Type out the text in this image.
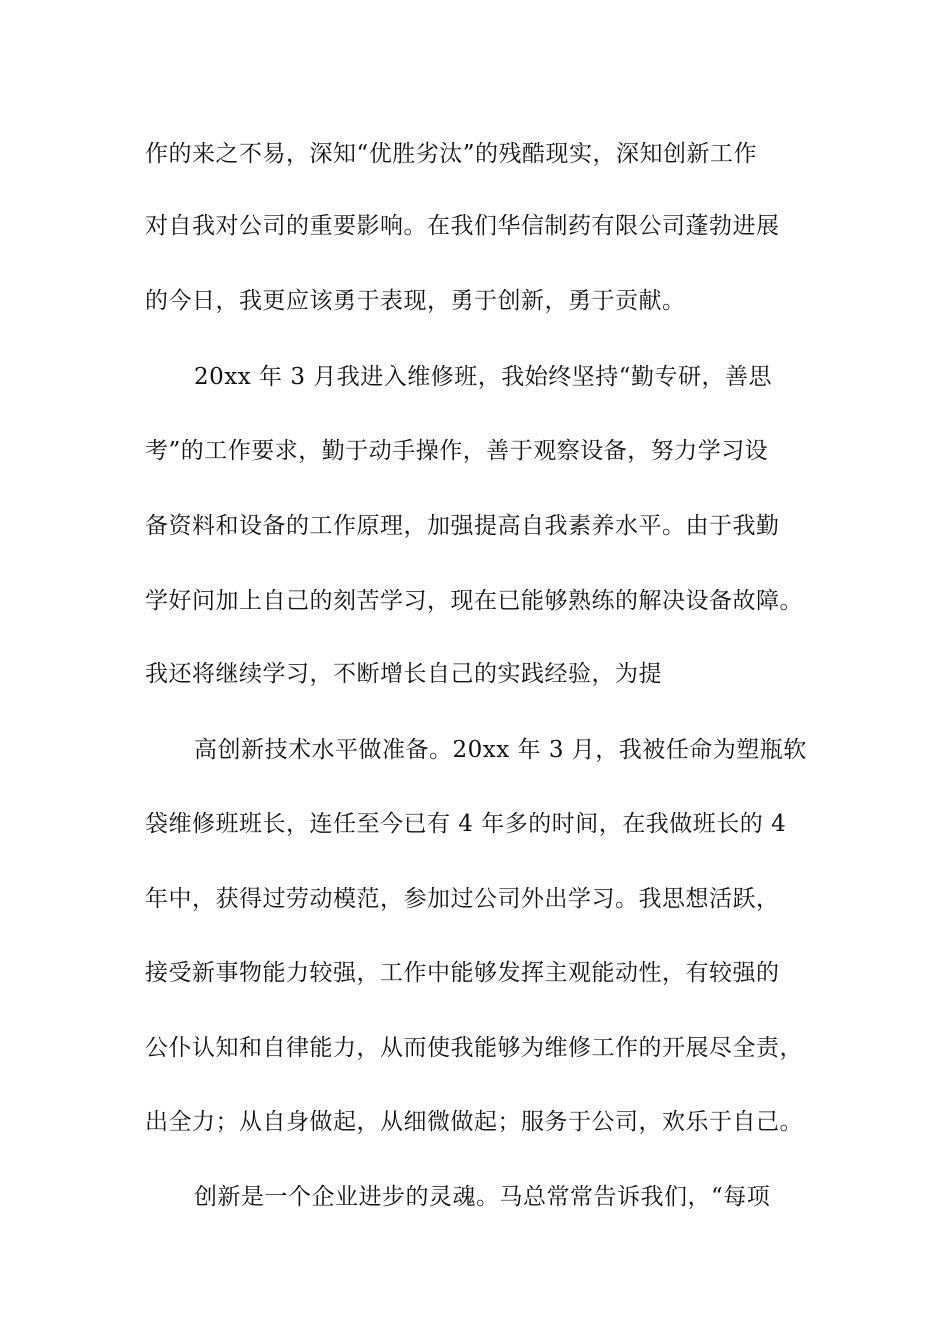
作的来之不易，深知“优胜劣汰”的残酷现实，深知创新工作
对自我对公司的重要影响。在我们华信制药有限公司蓬勃进展
的今日，我更应该勇于表现，勇于创新，勇于贡献。
20xx 年 3 月我进入维修班，我始终坚持“勤专研，善思
考”的工作要求，勤于动手操作，善于观察设备，努力学习设
备资料和设备的工作原理，加强提高自我素养水平。由于我勤
学好问加上自己的刻苦学习，现在已能够熟练的解决设备故障。
我还将继续学习，不断增长自己的实践经验，为提
高创新技术水平做准备。20xx 年 3 月，我被任命为塑瓶软
袋维修班班长，连任至今已有 4 年多的时间，在我做班长的 4
年中，获得过劳动模范，参加过公司外出学习。我思想活跃，
接受新事物能力较强，工作中能够发挥主观能动性，有较强的
公仆认知和自律能力，从而使我能够为维修工作的开展尽全责，
出全力；从自身做起，从细微做起；服务于公司，欢乐于自己。
创新是一个企业进步的灵魂。马总常常告诉我们，“每项
